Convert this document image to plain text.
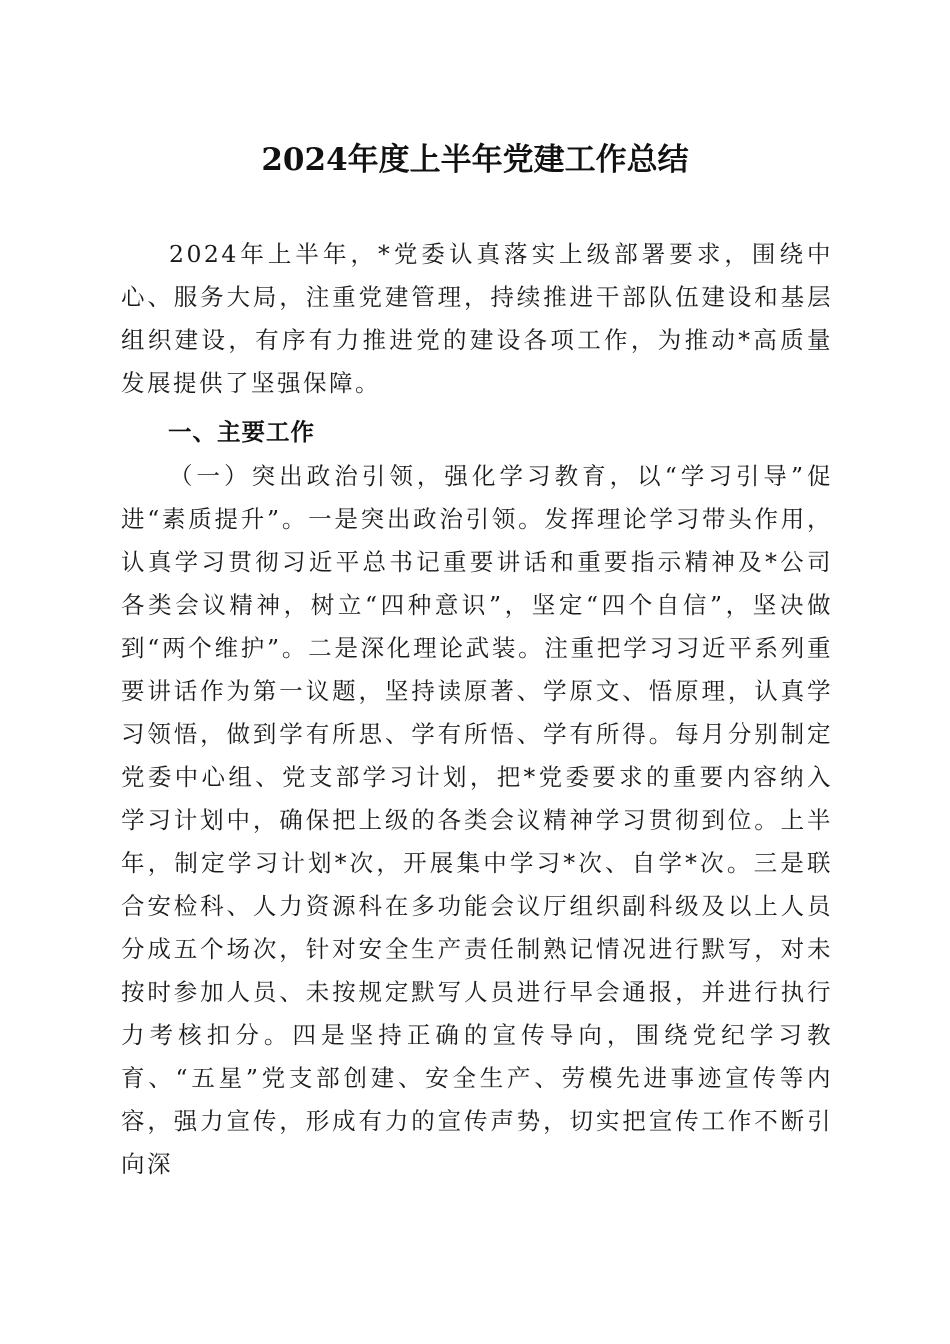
2024年度上半年党建工作总结

2024年上半年，*党委认真落实上级部署要求，围绕中心、服务大局，注重党建管理，持续推进干部队伍建设和基层组织建设，有序有力推进党的建设各项工作，为推动*高质量发展提供了坚强保障。

一、主要工作

（一）突出政治引领，强化学习教育，以“学习引导”促进“素质提升”。一是突出政治引领。发挥理论学习带头作用，认真学习贯彻习近平总书记重要讲话和重要指示精神及*公司各类会议精神，树立“四种意识”，坚定“四个自信”，坚决做到“两个维护”。二是深化理论武装。注重把学习习近平系列重要讲话作为第一议题，坚持读原著、学原文、悟原理，认真学习领悟，做到学有所思、学有所悟、学有所得。每月分别制定党委中心组、党支部学习计划，把*党委要求的重要内容纳入学习计划中，确保把上级的各类会议精神学习贯彻到位。上半年，制定学习计划*次，开展集中学习*次、自学*次。三是联合安检科、人力资源科在多功能会议厅组织副科级及以上人员分成五个场次，针对安全生产责任制熟记情况进行默写，对未按时参加人员、未按规定默写人员进行早会通报，并进行执行力考核扣分。四是坚持正确的宣传导向，围绕党纪学习教育、“五星”党支部创建、安全生产、劳模先进事迹宣传等内容，强力宣传，形成有力的宣传声势，切实把宣传工作不断引向深
